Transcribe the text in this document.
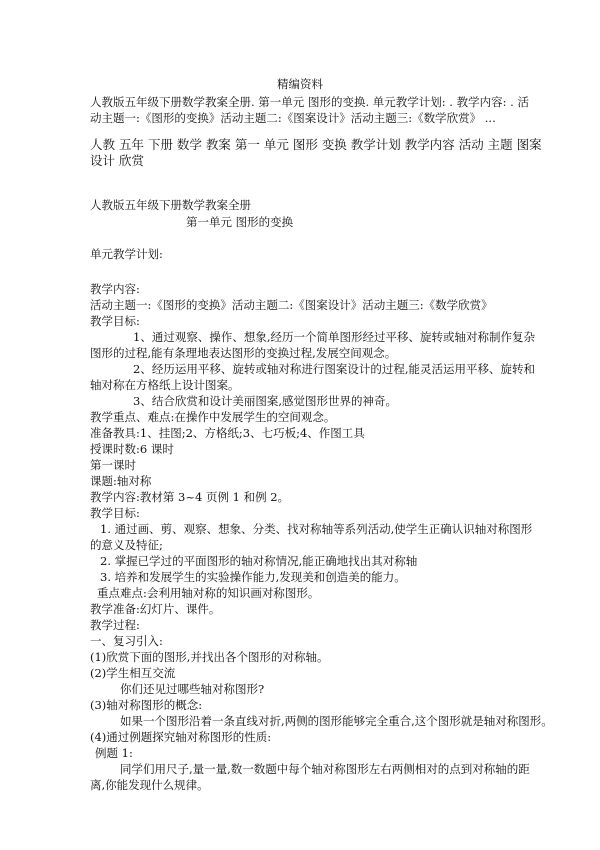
精编资料
人教版五年级下册数学教案全册. 第一单元 图形的变换. 单元教学计划: . 教学内容: . 活
动主题一:《图形的变换》活动主题二:《图案设计》活动主题三:《数学欣赏》 ...
人教 五年 下册 数学 教案 第一 单元 图形 变换 教学计划 教学内容 活动 主题 图案
设计 欣赏
人教版五年级下册数学教案全册
第一单元 图形的变换
单元教学计划:
教学内容:
活动主题一:《图形的变换》活动主题二:《图案设计》活动主题三:《数学欣赏》
教学目标:
1、通过观察、操作、想象,经历一个简单图形经过平移、旋转或轴对称制作复杂
图形的过程,能有条理地表达图形的变换过程,发展空间观念。
2、经历运用平移、旋转或轴对称进行图案设计的过程,能灵活运用平移、旋转和
轴对称在方格纸上设计图案。
3、结合欣赏和设计美丽图案,感觉图形世界的神奇。
教学重点、难点:在操作中发展学生的空间观念。
准备教具:1、挂图;2、方格纸;3、七巧板;4、作图工具
授课时数:6 课时
第一课时
课题:轴对称
教学内容:教材第 3~4 页例 1 和例 2。
教学目标:
1. 通过画、剪、观察、想象、分类、找对称轴等系列活动,使学生正确认识轴对称图形
的意义及特征;
2. 掌握已学过的平面图形的轴对称情况,能正确地找出其对称轴
3. 培养和发展学生的实验操作能力,发现美和创造美的能力。
重点难点:会利用轴对称的知识画对称图形。
教学准备:幻灯片、课件。
教学过程:
一、复习引入:
(1)欣赏下面的图形,并找出各个图形的对称轴。
(2)学生相互交流
你们还见过哪些轴对称图形?
(3)轴对称图形的概念:
如果一个图形沿着一条直线对折,两侧的图形能够完全重合,这个图形就是轴对称图形。
(4)通过例题探究轴对称图形的性质:
例题 1:
同学们用尺子,量一量,数一数题中每个轴对称图形左右两侧相对的点到对称轴的距
离,你能发现什么规律。
